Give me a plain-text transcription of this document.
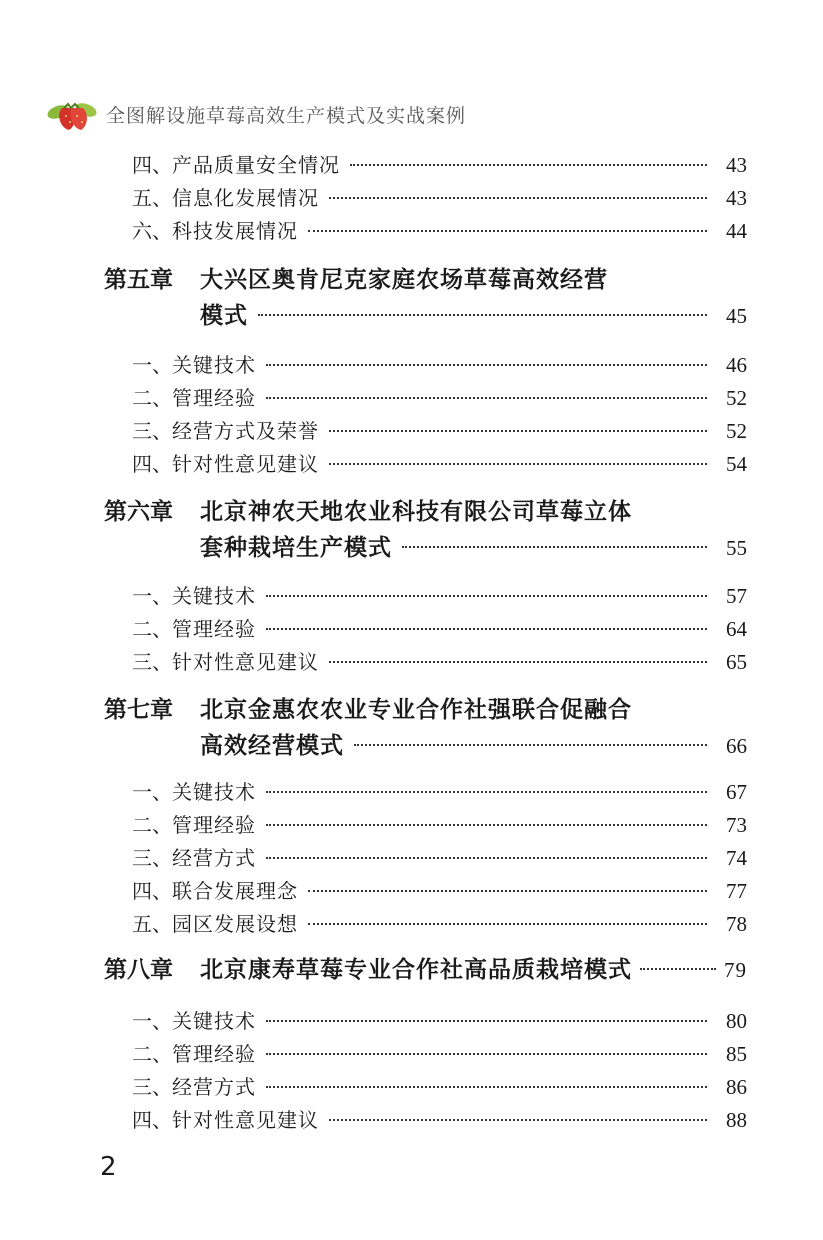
全图解设施草莓高效生产模式及实战案例
四、 产品质量安全情况	43
五、 信息化发展情况	43
六、 科技发展情况	44
第五章 大兴区奥肯尼克家庭农场草莓高效经营
模式	45
一、 关键技术	46
二、 管理经验	52
三、 经营方式及荣誉	52
四、 针对性意见建议	54
第六章 北京神农天地农业科技有限公司草莓立体
套种栽培生产模式	55
一、 关键技术	57
二、 管理经验	64
三、 针对性意见建议	65
第七章 北京金惠农农业专业合作社强联合促融合
高效经营模式	66
一、 关键技术	67
二、 管理经验	73
三、 经营方式	74
四、 联合发展理念	77
五、 园区发展设想	78
第八章 北京康寿草莓专业合作社高品质栽培模式	79
一、 关键技术	80
二、 管理经验	85
三、 经营方式	86
四、 针对性意见建议	88
2
